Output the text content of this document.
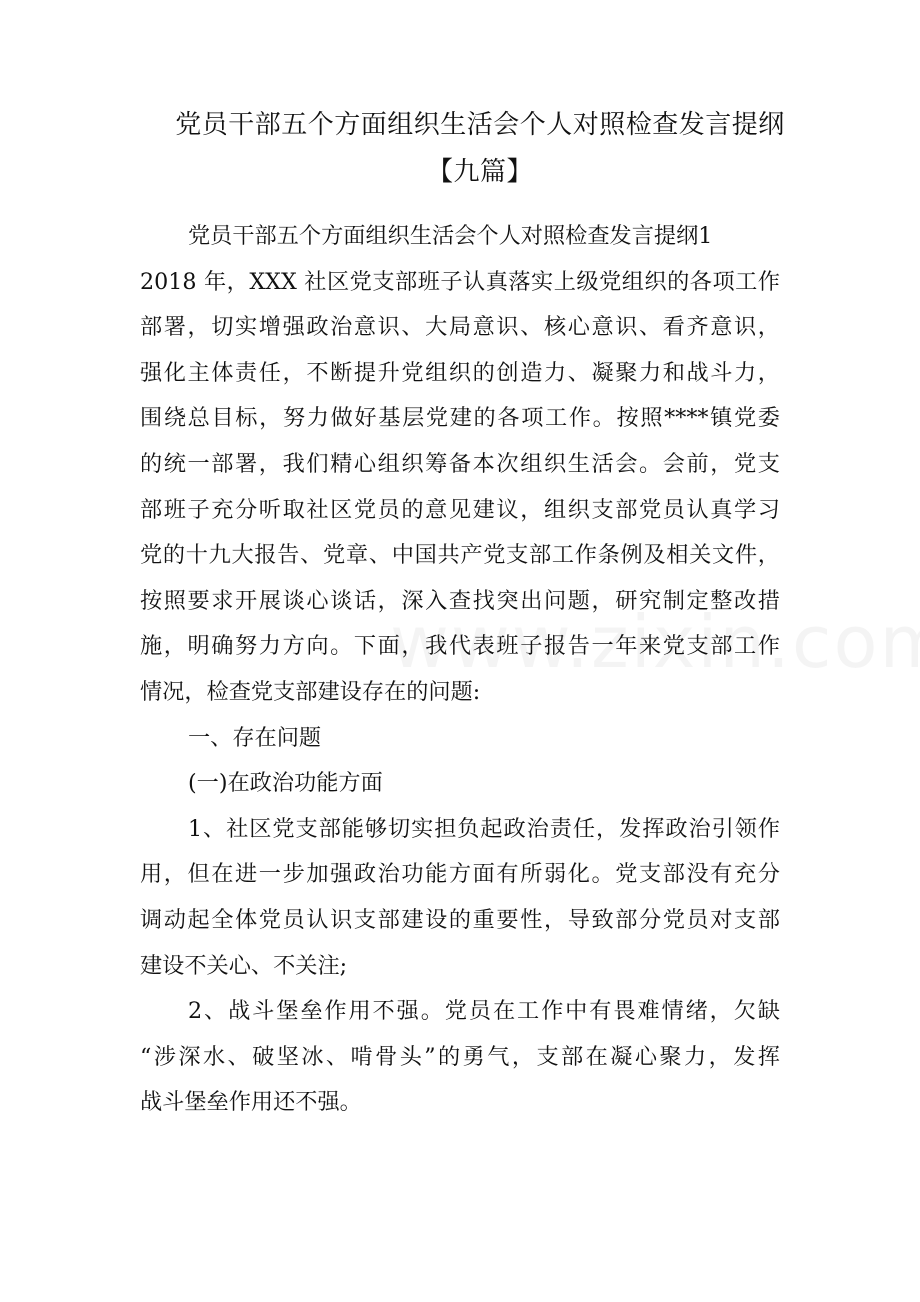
党员干部五个方面组织生活会个人对照检查发言提纲
【九篇】
党员干部五个方面组织生活会个人对照检查发言提纲1
2018 年，XXX 社区党支部班子认真落实上级党组织的各项工作
部署，切实增强政治意识、大局意识、核心意识、看齐意识，
强化主体责任，不断提升党组织的创造力、凝聚力和战斗力，
围绕总目标，努力做好基层党建的各项工作。按照****镇党委
的统一部署，我们精心组织筹备本次组织生活会。会前，党支
部班子充分听取社区党员的意见建议，组织支部党员认真学习
党的十九大报告、党章、中国共产党支部工作条例及相关文件，
按照要求开展谈心谈话，深入查找突出问题，研究制定整改措
施，明确努力方向。下面，我代表班子报告一年来党支部工作
情况，检查党支部建设存在的问题:
一、存在问题
(一)在政治功能方面
1、社区党支部能够切实担负起政治责任，发挥政治引领作
用，但在进一步加强政治功能方面有所弱化。党支部没有充分
调动起全体党员认识支部建设的重要性，导致部分党员对支部
建设不关心、不关注;
2、战斗堡垒作用不强。党员在工作中有畏难情绪，欠缺
“涉深水、破坚冰、啃骨头”的勇气，支部在凝心聚力，发挥
战斗堡垒作用还不强。
